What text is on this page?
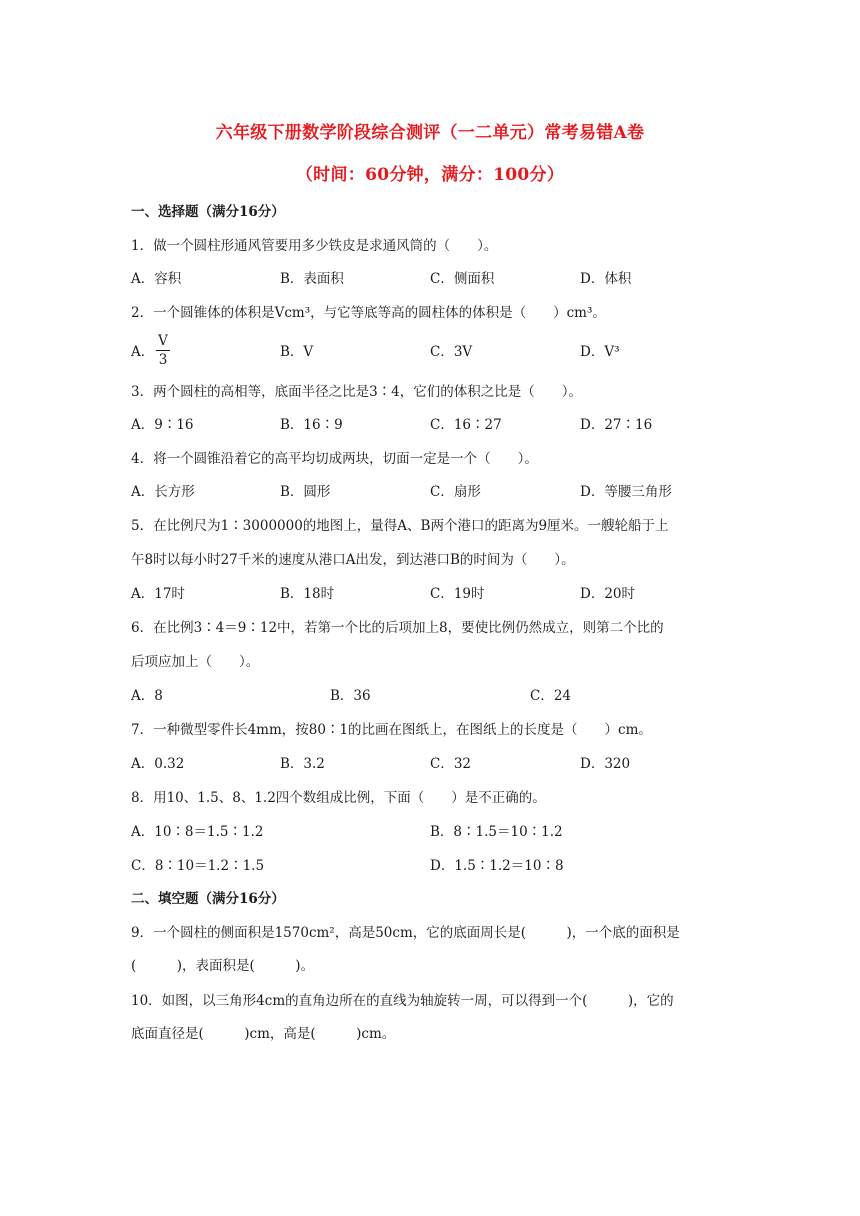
六年级下册数学阶段综合测评（一二单元）常考易错A卷
（时间：60分钟，满分：100分）
一、选择题（满分16分）
1．做一个圆柱形通风管要用多少铁皮是求通风筒的（　　）。
A．容积	B．表面积	C．侧面积	D．体积
2．一个圆锥体的体积是Vcm³，与它等底等高的圆柱体的体积是（　　）cm³。
A．
V
3	B．V	C．3V	D．V³
3．两个圆柱的高相等，底面半径之比是3∶4，它们的体积之比是（　　）。
A．9∶16	B．16∶9	C．16∶27	D．27∶16
4．将一个圆锥沿着它的高平均切成两块，切面一定是一个（　　）。
A．长方形	B．圆形	C．扇形	D．等腰三角形
5．在比例尺为1∶3000000的地图上，量得A、B两个港口的距离为9厘米。一艘轮船于上
午8时以每小时27千米的速度从港口A出发，到达港口B的时间为（　　）。
A．17时	B．18时	C．19时	D．20时
6．在比例3∶4＝9∶12中，若第一个比的后项加上8，要使比例仍然成立，则第二个比的
后项应加上（　　）。
A．8	B．36	C．24
7．一种微型零件长4mm，按80∶1的比画在图纸上，在图纸上的长度是（　　）cm。
A．0.32	B．3.2	C．32	D．320
8．用10、1.5、8、1.2四个数组成比例，下面（　　）是不正确的。
A．10∶8＝1.5∶1.2	B．8∶1.5＝10∶1.2
C．8∶10＝1.2∶1.5	D．1.5∶1.2＝10∶8
二、填空题（满分16分）
9．一个圆柱的侧面积是1570cm²，高是50cm，它的底面周长是(　　　)，一个底的面积是
(　　　)，表面积是(　　　)。
10．如图，以三角形4cm的直角边所在的直线为轴旋转一周，可以得到一个(　　　)，它的
底面直径是(　　　)cm，高是(　　　)cm。
